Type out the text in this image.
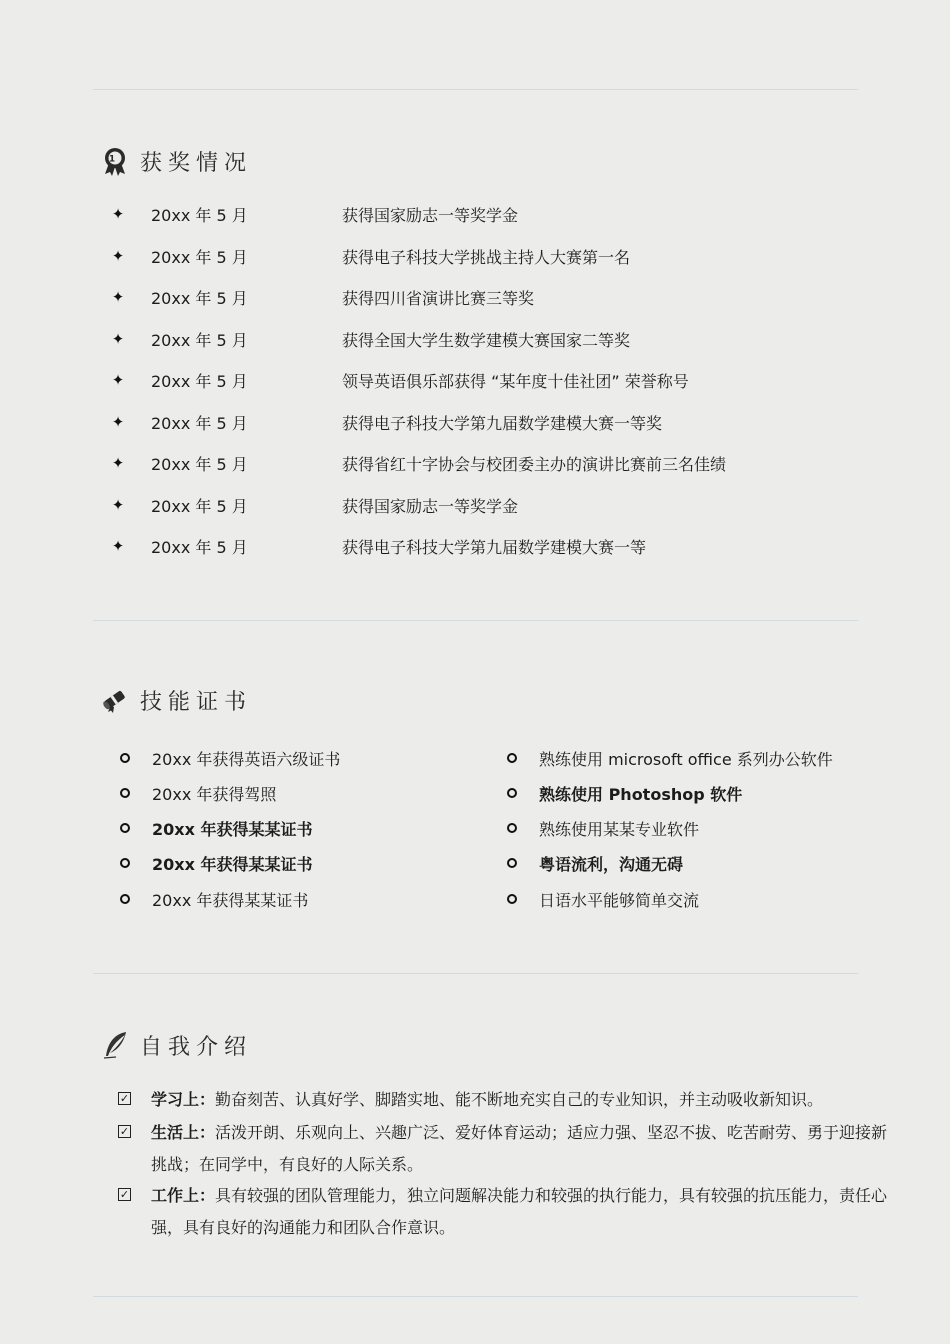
1 获奖情况
✦ 20xx 年 5 月	获得国家励志一等奖学金
✦ 20xx 年 5 月	获得电子科技大学挑战主持人大赛第一名
✦ 20xx 年 5 月	获得四川省演讲比赛三等奖
✦ 20xx 年 5 月	获得全国大学生数学建模大赛国家二等奖
✦ 20xx 年 5 月	领导英语俱乐部获得 “某年度十佳社团” 荣誉称号
✦ 20xx 年 5 月	获得电子科技大学第九届数学建模大赛一等奖
✦ 20xx 年 5 月	获得省红十字协会与校团委主办的演讲比赛前三名佳绩
✦ 20xx 年 5 月	获得国家励志一等奖学金
✦ 20xx 年 5 月	获得电子科技大学第九届数学建模大赛一等
技能证书
20xx 年获得英语六级证书
20xx 年获得驾照
20xx 年获得某某证书
20xx 年获得某某证书
20xx 年获得某某证书
熟练使用 microsoft office 系列办公软件
熟练使用 Photoshop 软件
熟练使用某某专业软件
粤语流利，沟通无碍
日语水平能够简单交流
自我介绍
✓ 学习上：勤奋刻苦、认真好学、脚踏实地、能不断地充实自己的专业知识，并主动吸收新知识。
✓ 生活上：活泼开朗、乐观向上、兴趣广泛、爱好体育运动；适应力强、坚忍不拔、吃苦耐劳、勇于迎接新挑战；在同学中，有良好的人际关系。
✓ 工作上：具有较强的团队管理能力，独立问题解决能力和较强的执行能力，具有较强的抗压能力，责任心强，具有良好的沟通能力和团队合作意识。
